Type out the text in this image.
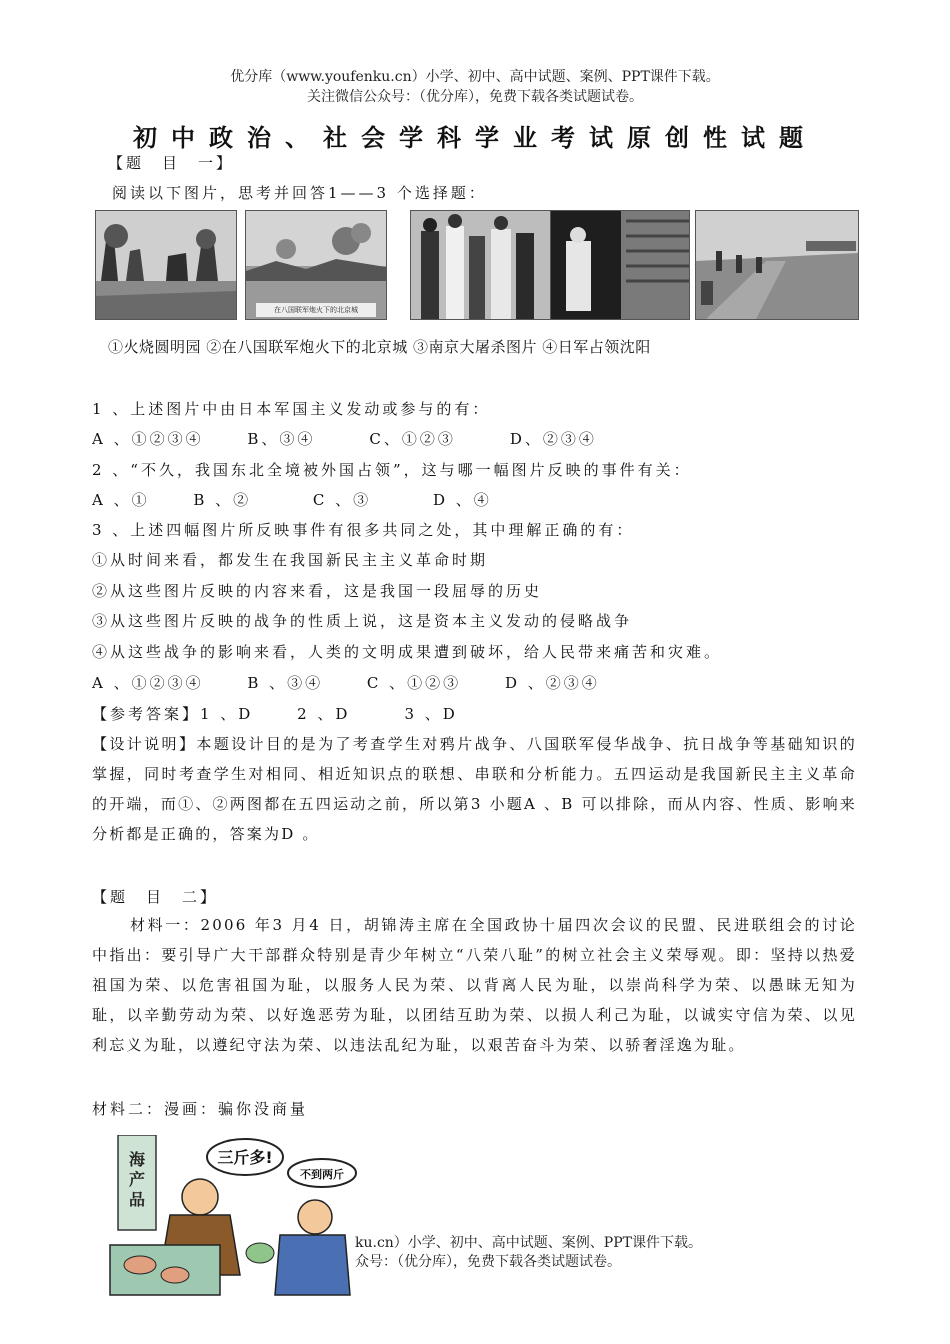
优分库（www.youfenku.cn）小学、初中、高中试题、案例、PPT课件下载。
关注微信公众号：（优分库），免费下载各类试题试卷。
初中政治、社会学科学业考试原创性试题
【题　目　一】
阅读以下图片，思考并回答1——3 个选择题：
在八国联军炮火下的北京城
①火烧圆明园 ②在八国联军炮火下的北京城 ③南京大屠杀图片 ④日军占领沈阳
1 、上述图片中由日本军国主义发动或参与的有：
A 、①②③④　　 B、③④　　　C、①②③　　　D、②③④
2 、“不久，我国东北全境被外国占领”，这与哪一幅图片反映的事件有关：
A 、①　　 B 、②　　　 C 、③　　　 D 、④
3 、上述四幅图片所反映事件有很多共同之处，其中理解正确的有：
①从时间来看，都发生在我国新民主主义革命时期
②从这些图片反映的内容来看，这是我国一段屈辱的历史
③从这些图片反映的战争的性质上说，这是资本主义发动的侵略战争
④从这些战争的影响来看，人类的文明成果遭到破坏，给人民带来痛苦和灾难。
A 、①②③④　　 B 、③④　　 C 、①②③　　 D 、②③④
【参考答案】1 、D　　 2 、D　　　3 、D
【设计说明】本题设计目的是为了考查学生对鸦片战争、八国联军侵华战争、抗日战争等基础知识的掌握，同时考查学生对相同、相近知识点的联想、串联和分析能力。五四运动是我国新民主主义革命的开端，而①、②两图都在五四运动之前，所以第3 小题A 、B 可以排除，而从内容、性质、影响来分析都是正确的，答案为D 。
【题　目　二】
材料一：2006 年3 月4 日，胡锦涛主席在全国政协十届四次会议的民盟、民进联组会的讨论中指出：要引导广大干部群众特别是青少年树立“八荣八耻”的树立社会主义荣辱观。即：坚持以热爱祖国为荣、以危害祖国为耻，以服务人民为荣、以背离人民为耻，以崇尚科学为荣、以愚昧无知为耻，以辛勤劳动为荣、以好逸恶劳为耻，以团结互助为荣、以损人利己为耻，以诚实守信为荣、以见利忘义为耻，以遵纪守法为荣、以违法乱纪为耻，以艰苦奋斗为荣、以骄奢淫逸为耻。
材料二：漫画：骗你没商量
海
产
品
三斤多!
不到两斤
ku.cn）小学、初中、高中试题、案例、PPT课件下载。
众号：（优分库），免费下载各类试题试卷。
